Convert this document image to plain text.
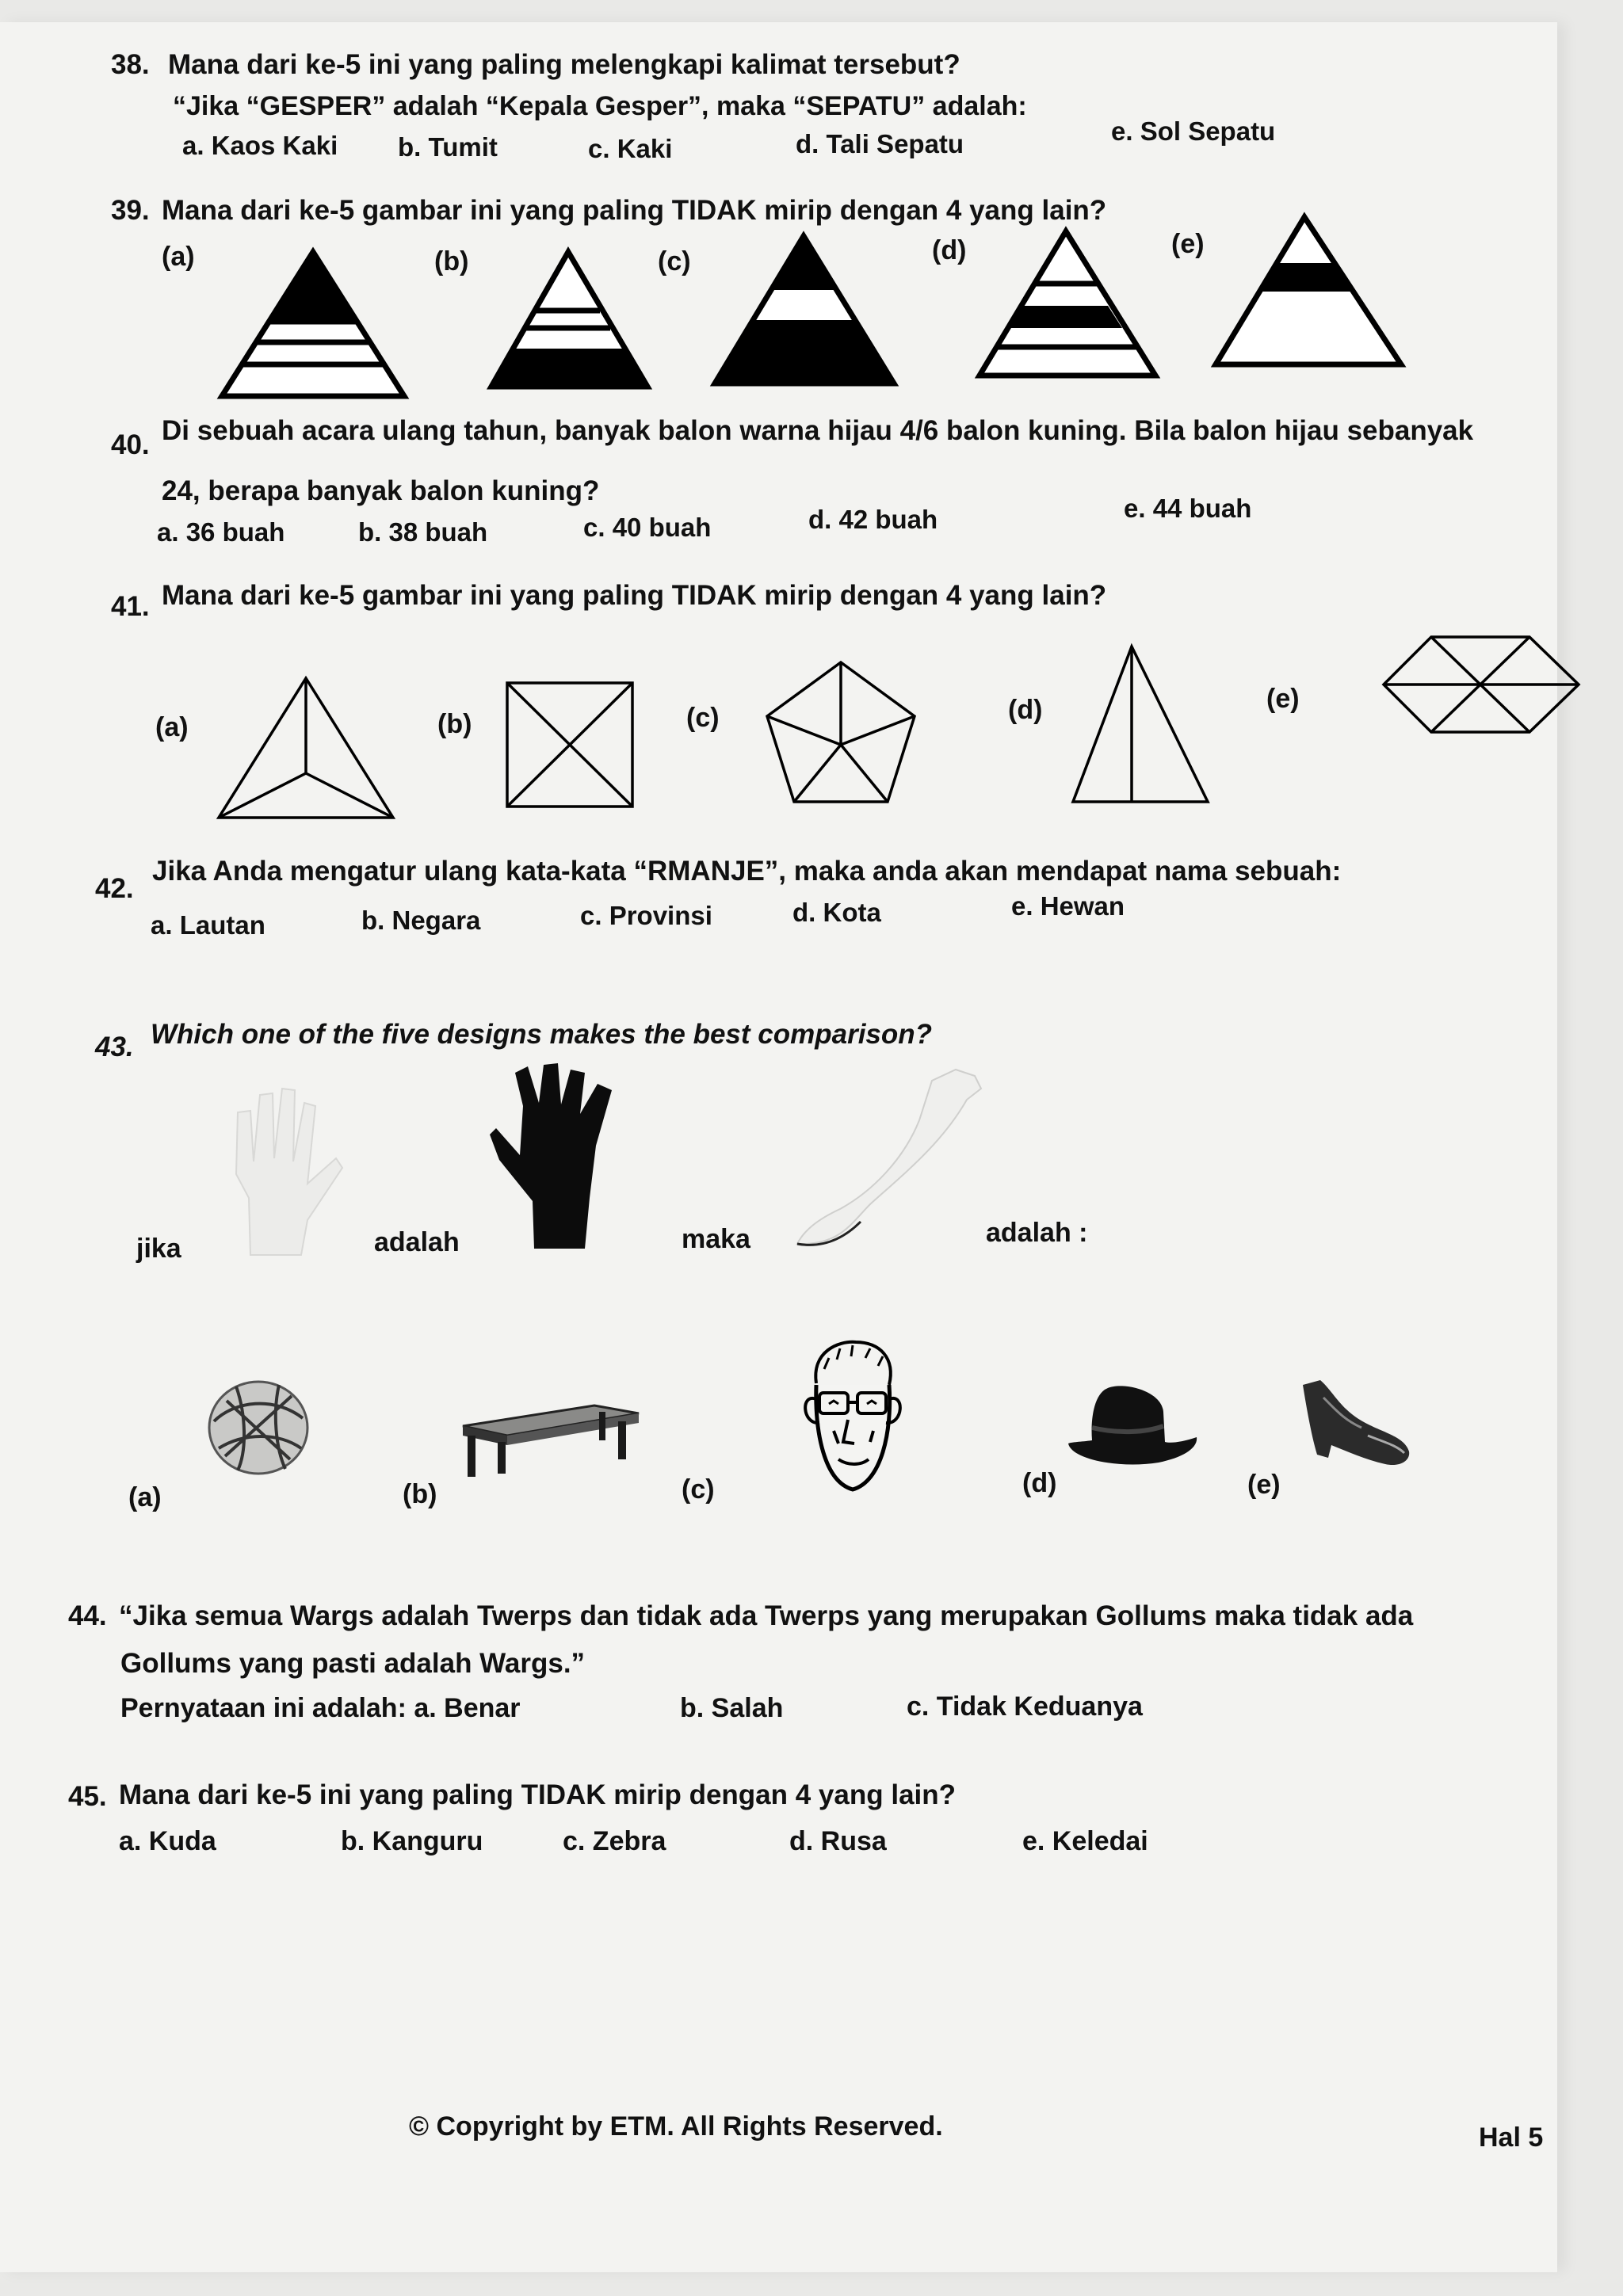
38. Mana dari ke-5 ini yang paling melengkapi kalimat tersebut?
“Jika “GESPER” adalah “Kepala Gesper”, maka “SEPATU” adalah:
a. Kaos Kaki b. Tumit	c. Kaki	d. Tali Sepatu	e. Sol Sepatu
39. Mana dari ke-5 gambar ini yang paling TIDAK mirip dengan 4 yang lain?
(a)	(b)	(c)	(d)	(e)
40. Di sebuah acara ulang tahun, banyak balon warna hijau 4/6 balon kuning. Bila balon hijau sebanyak
24, berapa banyak balon kuning?
a. 36 buah	b. 38 buah	c. 40 buah	d. 42 buah	e. 44 buah
41. Mana dari ke-5 gambar ini yang paling TIDAK mirip dengan 4 yang lain?
(a)	(b)	(c)	(d)	(e)
42.
Jika Anda mengatur ulang kata-kata “RMANJE”, maka anda akan mendapat nama sebuah:
a. Lautan	b. Negara	c. Provinsi	d. Kota	e. Hewan
43. Which one of the five designs makes the best comparison?
jika	adalah	maka	adalah :
(a)	(b)	(c)	(d)	(e)
44. “Jika semua Wargs adalah Twerps dan tidak ada Twerps yang merupakan Gollums maka tidak ada
Gollums yang pasti adalah Wargs.”
Pernyataan ini adalah: a. Benar	b. Salah	c. Tidak Keduanya
45. Mana dari ke-5 ini yang paling TIDAK mirip dengan 4 yang lain?
a. Kuda	b. Kanguru	c. Zebra	d. Rusa	e. Keledai
© Copyright by ETM. All Rights Reserved.	Hal 5
